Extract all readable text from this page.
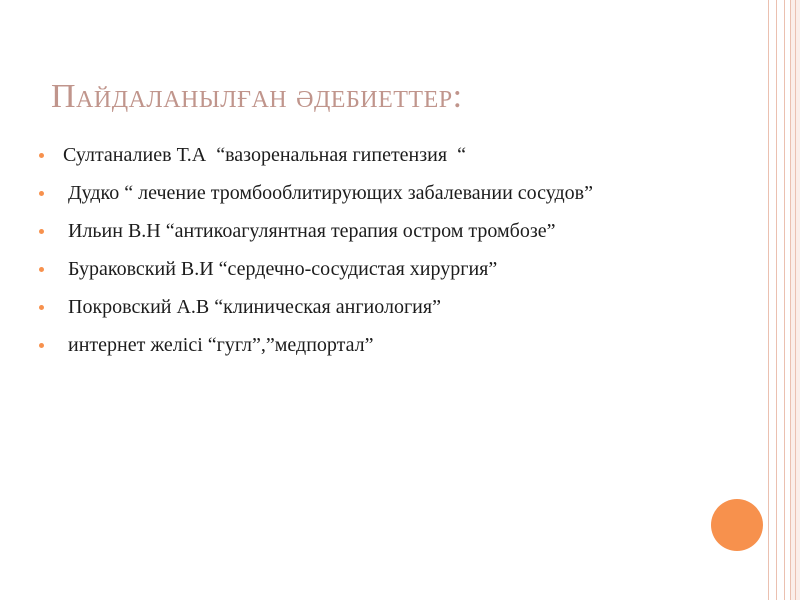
Пайдаланылған әдебиеттер:
Султаналиев Т.А  “вазоренальная гипетензия  “
Дудко “ лечение тромбооблитирующих забалевании сосудов”
Ильин В.Н “антикоагулянтная терапия остром тромбозе”
Бураковский В.И “сердечно-сосудистая хирургия”
Покровский А.В “клиническая ангиология”
интернет желісі “гугл”,”медпортал”
